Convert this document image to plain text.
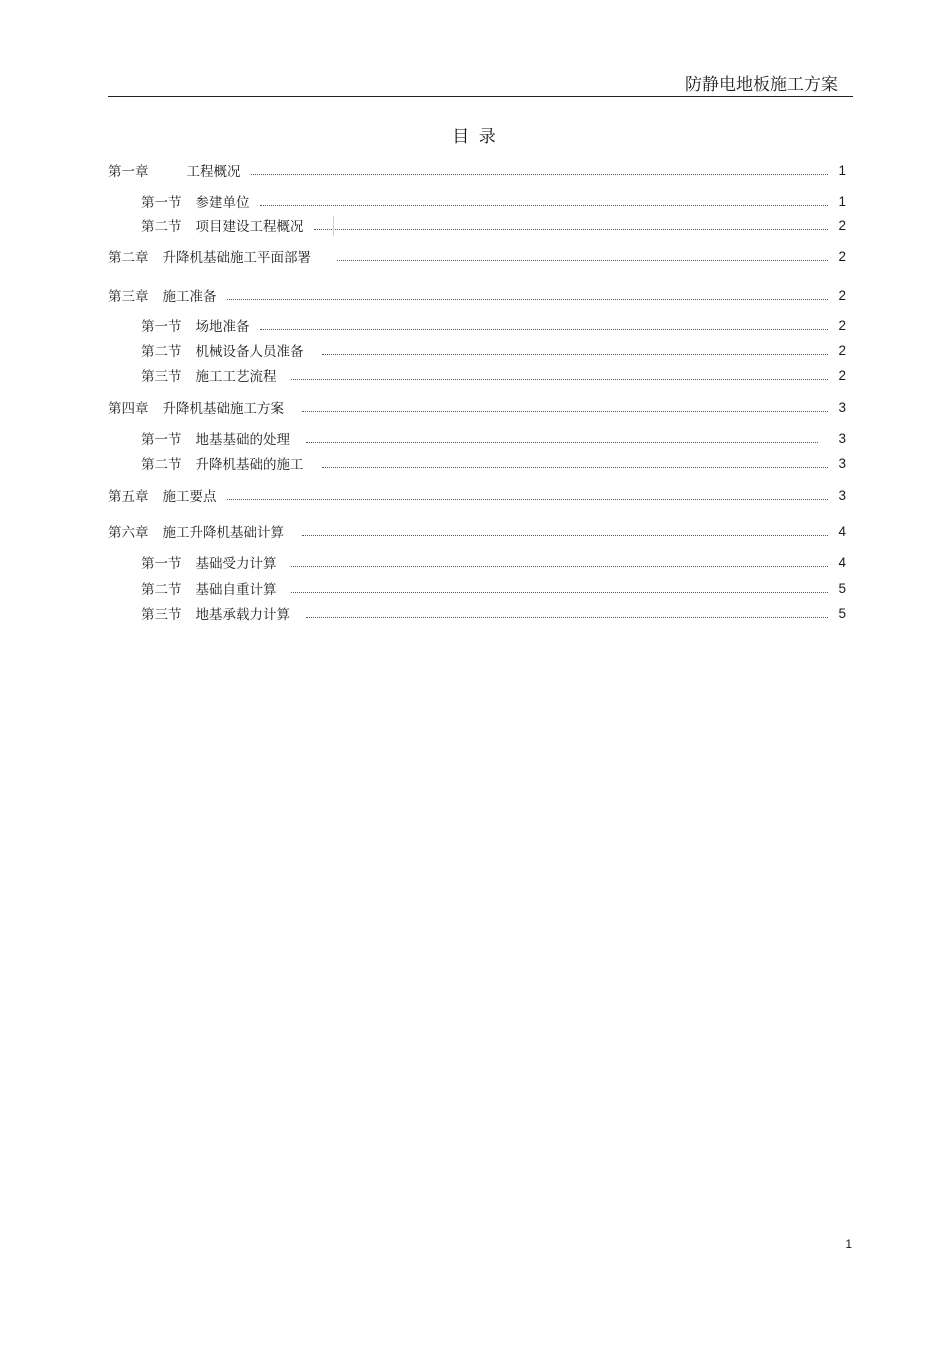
防静电地板施工方案
目 录
第一章	工程概况	1
第一节 参建单位	1
第二节 项目建设工程概况	2
第二章 升降机基础施工平面部署	2
第三章 施工准备	2
第一节 场地准备	2
第二节 机械设备人员准备	2
第三节 施工工艺流程	2
第四章 升降机基础施工方案	3
第一节 地基基础的处理	3
第二节 升降机基础的施工	3
第五章 施工要点	3
第六章 施工升降机基础计算	4
第一节 基础受力计算	4
第二节 基础自重计算	5
第三节 地基承载力计算	5
1
